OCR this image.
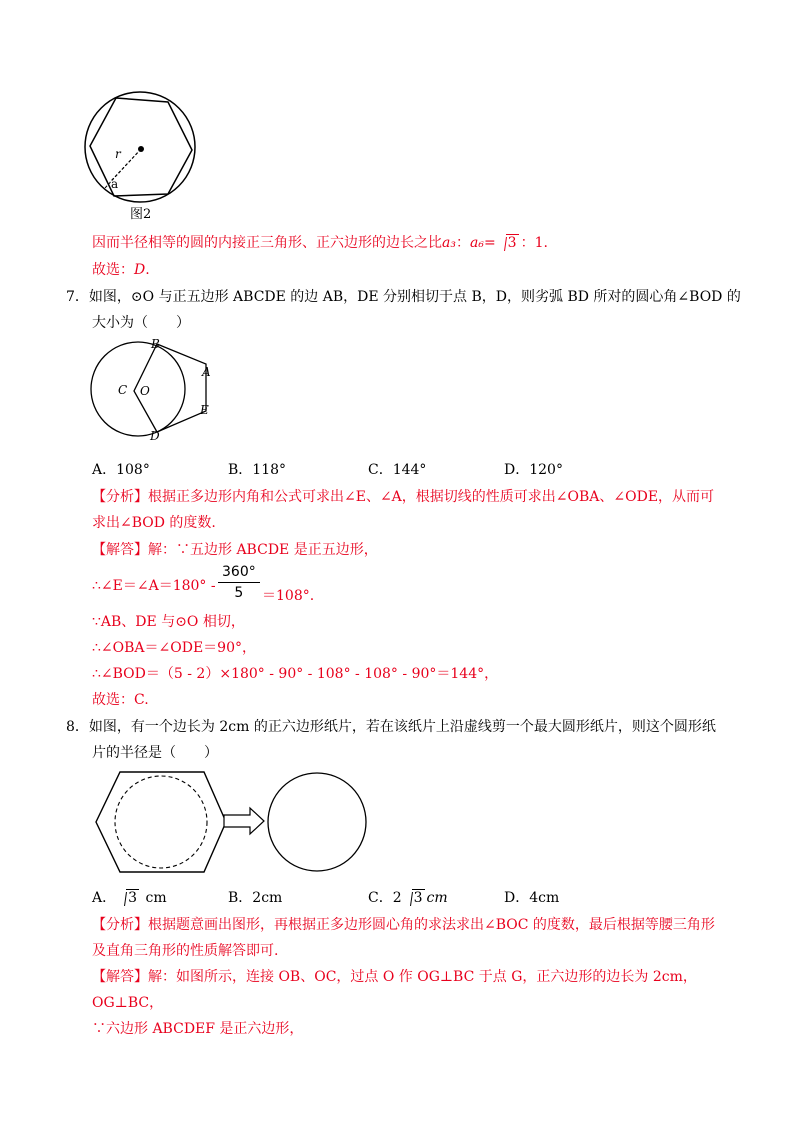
r
a
图2
因而半径相等的圆的内接正三角形、正六边形的边长之比a₃：a₆= 3 ：1.
故选：D.
7．如图，⊙O 与正五边形 ABCDE 的边 AB，DE 分别相切于点 B，D，则劣弧 BD 所对的圆心角∠BOD 的
大小为（　　）
B
A
C O
E
D
A．108°	B．118°	C．144°	D．120°
【分析】根据正多边形内角和公式可求出∠E、∠A，根据切线的性质可求出∠OBA、∠ODE，从而可
求出∠BOD 的度数.
【解答】解：∵五边形 ABCDE 是正五边形，
∴∠E＝∠A＝180° - $\frac{360^\circ}{5} =108^\circ$.
∵AB、DE 与⊙O 相切，
∴∠OBA＝∠ODE＝90°，
∴∠BOD＝（5 - 2）×180° - 90° - 108° - 108° - 90°＝144°，
故选：C.
8．如图，有一个边长为 2cm 的正六边形纸片，若在该纸片上沿虚线剪一个最大圆形纸片，则这个圆形纸
片的半径是（　　）
A． 3 cm	B．2cm	C．2 3 cm	D．4cm
【分析】根据题意画出图形，再根据正多边形圆心角的求法求出∠BOC 的度数，最后根据等腰三角形
及直角三角形的性质解答即可.
【解答】解：如图所示，连接 OB、OC，过点 O 作 OG⊥BC 于点 G，正六边形的边长为 2cm，
OG⊥BC，
∵六边形 ABCDEF 是正六边形，
